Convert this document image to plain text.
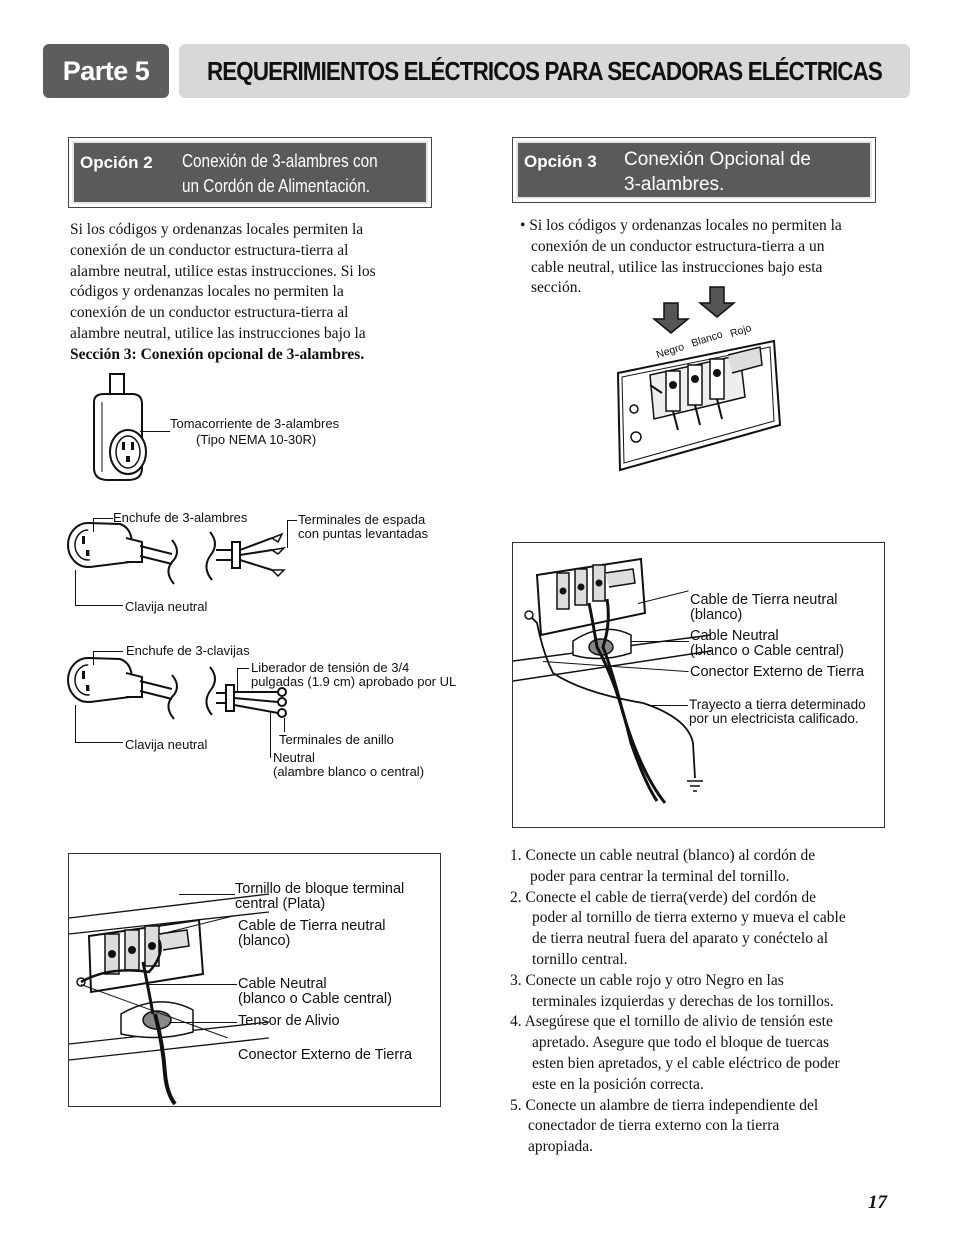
Parte 5	REQUERIMIENTOS ELÉCTRICOS PARA SECADORAS ELÉCTRICAS
Opción 2 Conexión de 3-alambres con
un Cordón de Alimentación.
Opción 3 Conexión Opcional de
3-alambres.
Si los códigos y ordenanzas locales permiten la
conexión de un conductor estructura-tierra al
alambre neutral, utilice estas instrucciones. Si los
códigos y ordenanzas locales no permiten la
conexión de un conductor estructura-tierra al
alambre neutral, utilice las instrucciones bajo la
Sección 3: Conexión opcional de 3-alambres.
• Si los códigos y ordenanzas locales no permiten la
conexión de un conductor estructura-tierra a un
cable neutral, utilice las instrucciones bajo esta
sección.
Tomacorriente de 3-alambres
(Tipo NEMA 10-30R)
Enchufe de 3-alambres
Clavija neutral
Terminales de espada
con puntas levantadas
Enchufe de 3-clavijas
Clavija neutral
Liberador de tensión de 3/4
pulgadas (1.9 cm) aprobado por UL
Terminales de anillo
Neutral
(alambre blanco o central)
Negro
Blanco Rojo
Cable de Tierra neutral
(blanco)
Cable Neutral
(blanco o Cable central)
Conector Externo de Tierra
Trayecto a tierra determinado
por un electricista calificado.
Tornillo de bloque terminal
central (Plata)
Cable de Tierra neutral
(blanco)
Cable Neutral
(blanco o Cable central)
Tensor de Alivio
Conector Externo de Tierra
1. Conecte un cable neutral (blanco) al cordón de
poder para centrar la terminal del tornillo.
2. Conecte el cable de tierra(verde) del cordón de
poder al tornillo de tierra externo y mueva el cable
de tierra neutral fuera del aparato y conéctelo al
tornillo central.
3. Conecte un cable rojo y otro Negro en las
terminales izquierdas y derechas de los tornillos.
4. Asegúrese que el tornillo de alivio de tensión este
apretado. Asegure que todo el bloque de tuercas
esten bien apretados, y el cable eléctrico de poder
este en la posición correcta.
5. Conecte un alambre de tierra independiente del
conectador de tierra externo con la tierra
apropiada.
17
